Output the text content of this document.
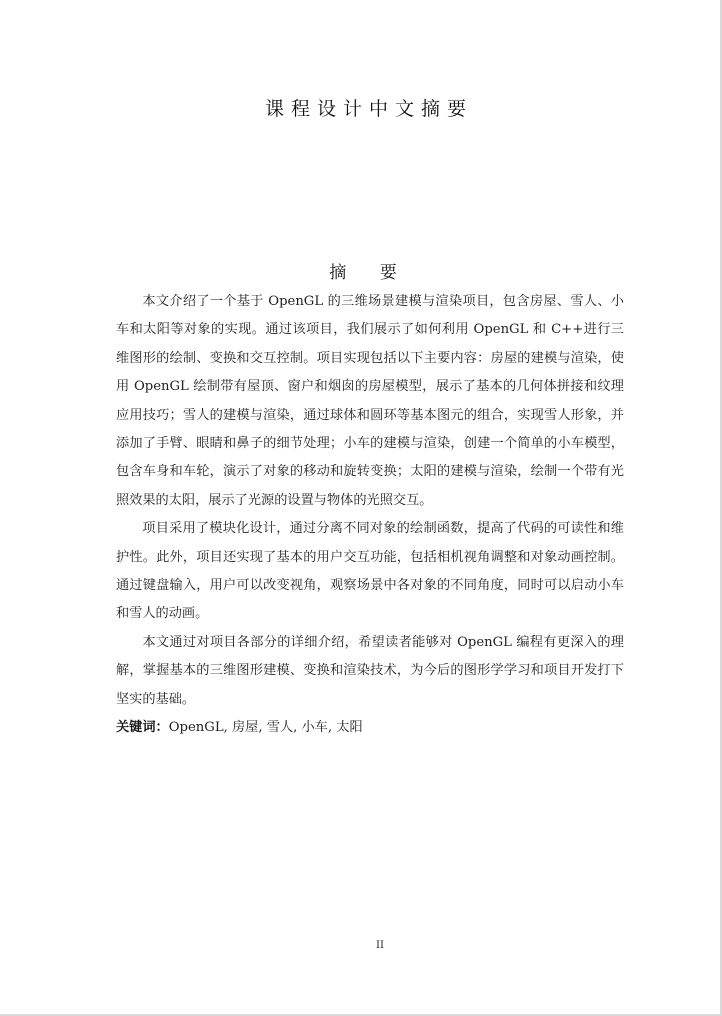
课程设计中文摘要
摘 要

本文介绍了一个基于 OpenGL 的三维场景建模与渲染项目，包含房屋、雪人、小车和太阳等对象的实现。通过该项目，我们展示了如何利用 OpenGL 和 C++进行三维图形的绘制、变换和交互控制。项目实现包括以下主要内容：房屋的建模与渲染，使用 OpenGL 绘制带有屋顶、窗户和烟囱的房屋模型，展示了基本的几何体拼接和纹理应用技巧；雪人的建模与渲染，通过球体和圆环等基本图元的组合，实现雪人形象，并添加了手臂、眼睛和鼻子的细节处理；小车的建模与渲染，创建一个简单的小车模型，包含车身和车轮，演示了对象的移动和旋转变换；太阳的建模与渲染，绘制一个带有光照效果的太阳，展示了光源的设置与物体的光照交互。

项目采用了模块化设计，通过分离不同对象的绘制函数，提高了代码的可读性和维护性。此外，项目还实现了基本的用户交互功能，包括相机视角调整和对象动画控制。通过键盘输入，用户可以改变视角，观察场景中各对象的不同角度，同时可以启动小车和雪人的动画。

本文通过对项目各部分的详细介绍，希望读者能够对 OpenGL 编程有更深入的理解，掌握基本的三维图形建模、变换和渲染技术，为今后的图形学学习和项目开发打下坚实的基础。

关键词：OpenGL, 房屋, 雪人, 小车, 太阳

II
